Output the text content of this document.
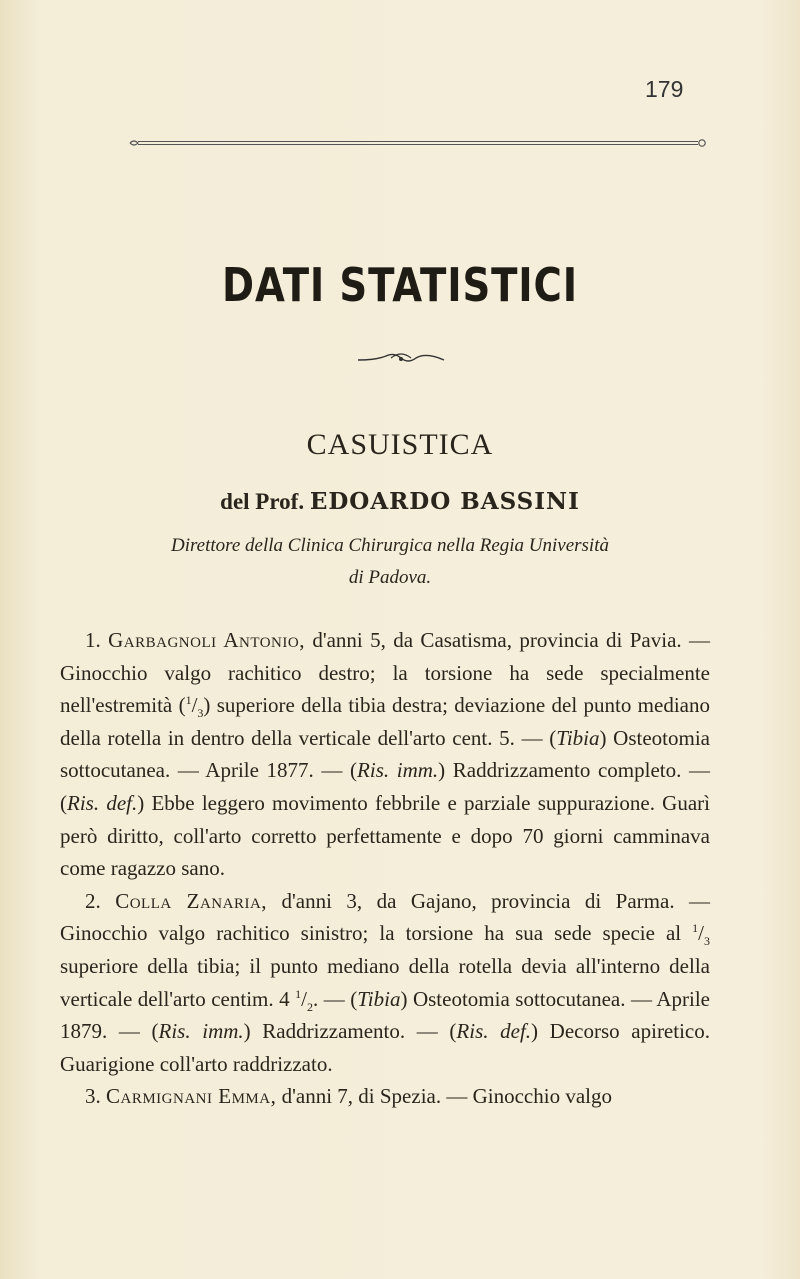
179
DATI STATISTICI
CASUISTICA
del Prof. EDOARDO BASSINI
Direttore della Clinica Chirurgica nella Regia Università
di Padova.

1. Garbagnoli Antonio, d'anni 5, da Casatisma, provincia di Pavia. — Ginocchio valgo rachitico destro; la torsione ha sede specialmente nell'estremità $(^1/_3)$ superiore della tibia destra; deviazione del punto mediano della rotella in dentro della verticale dell'arto cent. 5. — (Tibia) Osteotomia sottocutanea. — Aprile 1877. — (Ris. imm.) Raddrizzamento completo. — (Ris. def.) Ebbe leggero movimento febbrile e parziale suppurazione. Guarì però diritto, coll'arto corretto perfettamente e dopo 70 giorni camminava come ragazzo sano.

2. Colla Zanaria, d'anni 3, da Gajano, provincia di Parma. — Ginocchio valgo rachitico sinistro; la torsione ha sua sede specie al $^1/_3$ superiore della tibia; il punto mediano della rotella devia all'interno della verticale dell'arto centim. 4 $^1/_2$. — (Tibia) Osteotomia sottocutanea. — Aprile 1879. — (Ris. imm.) Raddrizzamento. — (Ris. def.) Decorso apiretico. Guarigione coll'arto raddrizzato.

3. Carmignani Emma, d'anni 7, di Spezia. — Ginocchio valgo
